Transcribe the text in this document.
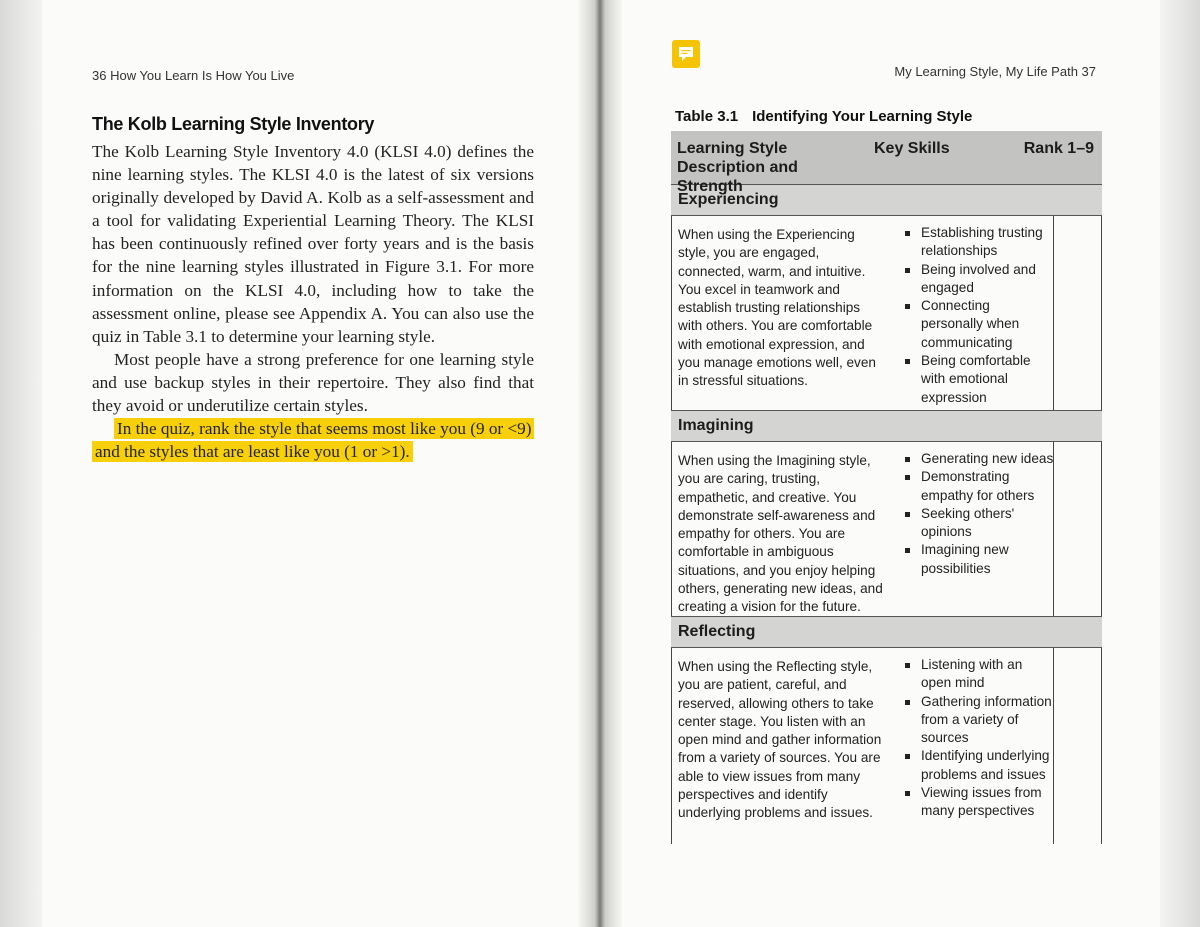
36 How You Learn Is How You Live
The Kolb Learning Style Inventory

The Kolb Learning Style Inventory 4.0 (KLSI 4.0) defines the nine learning styles. The KLSI 4.0 is the latest of six versions originally developed by David A. Kolb as a self-assessment and a tool for validating Experiential Learning Theory. The KLSI has been continuously refined over forty years and is the basis for the nine learning styles illustrated in Figure 3.1. For more information on the KLSI 4.0, including how to take the assessment online, please see Appendix A. You can also use the quiz in Table 3.1 to determine your learning style.

Most people have a strong preference for one learning style and use backup styles in their repertoire. They also find that they avoid or underutilize certain styles.

In the quiz, rank the style that seems most like you (9 or <9) and the styles that are least like you (1 or >1).

My Learning Style, My Life Path 37
Table 3.1 Identifying Your Learning Style
Learning Style Description and Strength
Key Skills	Rank 1–9
Experiencing
When using the Experiencing style, you are engaged, connected, warm, and intuitive. You excel in teamwork and establish trusting relationships with others. You are comfortable with emotional expression, and you manage emotions well, even in stressful situations.
Establishing trusting relationships
Being involved and engaged
Connecting personally when communicating
Being comfortable with emotional expression
Imagining
When using the Imagining style, you are caring, trusting, empathetic, and creative. You demonstrate self-awareness and empathy for others. You are comfortable in ambiguous situations, and you enjoy helping others, generating new ideas, and creating a vision for the future.
Generating new ideas
Demonstrating empathy for others
Seeking others' opinions
Imagining new possibilities
Reflecting
When using the Reflecting style, you are patient, careful, and reserved, allowing others to take center stage. You listen with an open mind and gather information from a variety of sources. You are able to view issues from many perspectives and identify underlying problems and issues.
Listening with an open mind
Gathering information from a variety of sources
Identifying underlying problems and issues
Viewing issues from many perspectives
